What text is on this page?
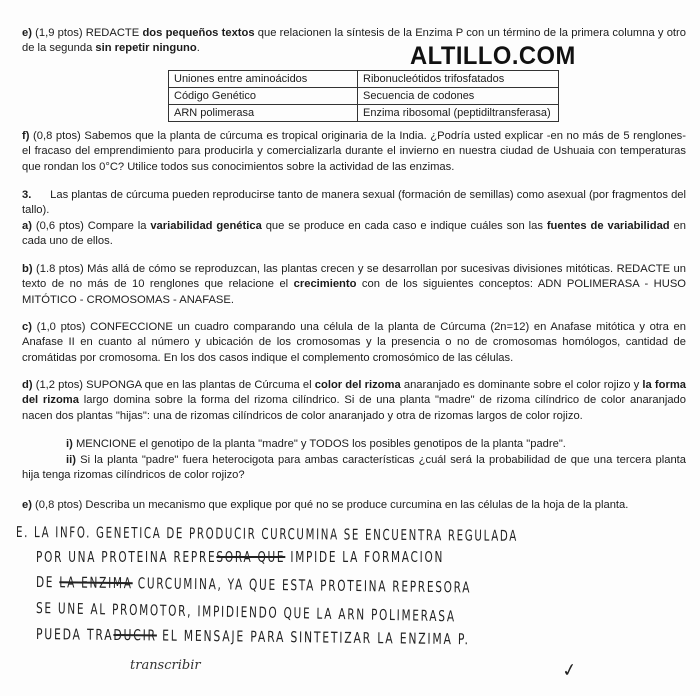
ALTILLO.COM

e) (1,9 ptos) REDACTE dos pequeños textos que relacionen la síntesis de la Enzima P con un término de la primera columna y otro de la segunda sin repetir ninguno.

Uniones entre aminoácidos	Ribonucleótidos trifosfatados
Código Genético	Secuencia de codones
ARN polimerasa	Enzima ribosomal (peptidiltransferasa)

f) (0,8 ptos) Sabemos que la planta de cúrcuma es tropical originaria de la India. ¿Podría usted explicar -en no más de 5 renglones- el fracaso del emprendimiento para producirla y comercializarla durante el invierno en nuestra ciudad de Ushuaia con temperaturas que rondan los 0°C? Utilice todos sus conocimientos sobre la actividad de las enzimas.

3. Las plantas de cúrcuma pueden reproducirse tanto de manera sexual (formación de semillas) como asexual (por fragmentos del tallo).

a) (0,6 ptos) Compare la variabilidad genética que se produce en cada caso e indique cuáles son las fuentes de variabilidad en cada uno de ellos.

b) (1.8 ptos) Más allá de cómo se reproduzcan, las plantas crecen y se desarrollan por sucesivas divisiones mitóticas. REDACTE un texto de no más de 10 renglones que relacione el crecimiento con de los siguientes conceptos: ADN POLIMERASA - HUSO MITÓTICO - CROMOSOMAS - ANAFASE.

c) (1,0 ptos) CONFECCIONE un cuadro comparando una célula de la planta de Cúrcuma (2n=12) en Anafase mitótica y otra en Anafase II en cuanto al número y ubicación de los cromosomas y la presencia o no de cromosomas homólogos, cantidad de cromátidas por cromosoma. En los dos casos indique el complemento cromosómico de las células.

d) (1,2 ptos) SUPONGA que en las plantas de Cúrcuma el color del rizoma anaranjado es dominante sobre el color rojizo y la forma del rizoma largo domina sobre la forma del rizoma cilíndrico. Si de una planta "madre" de rizoma cilíndrico de color anaranjado nacen dos plantas "hijas": una de rizomas cilíndricos de color anaranjado y otra de rizomas largos de color rojizo.

i) MENCIONE el genotipo de la planta "madre" y TODOS los posibles genotipos de la planta "padre".

ii) Si la planta "padre" fuera heterocigota para ambas características ¿cuál será la probabilidad de que una tercera planta hija tenga rizomas cilíndricos de color rojizo?

e) (0,8 ptos) Describa un mecanismo que explique por qué no se produce curcumina en las células de la hoja de la planta.

E. LA INFO. GENETICA DE PRODUCIR CURCUMINA SE ENCUENTRA REGULADA
POR UNA PROTEINA REPRESORA QUE IMPIDE LA FORMACION
DE LA ENZIMA CURCUMINA, YA QUE ESTA PROTEINA REPRESORA
SE UNE AL PROMOTOR, IMPIDIENDO QUE LA ARN POLIMERASA
PUEDA TRADUCIR EL MENSAJE PARA SINTETIZAR LA ENZIMA P.
transcribir	✓
